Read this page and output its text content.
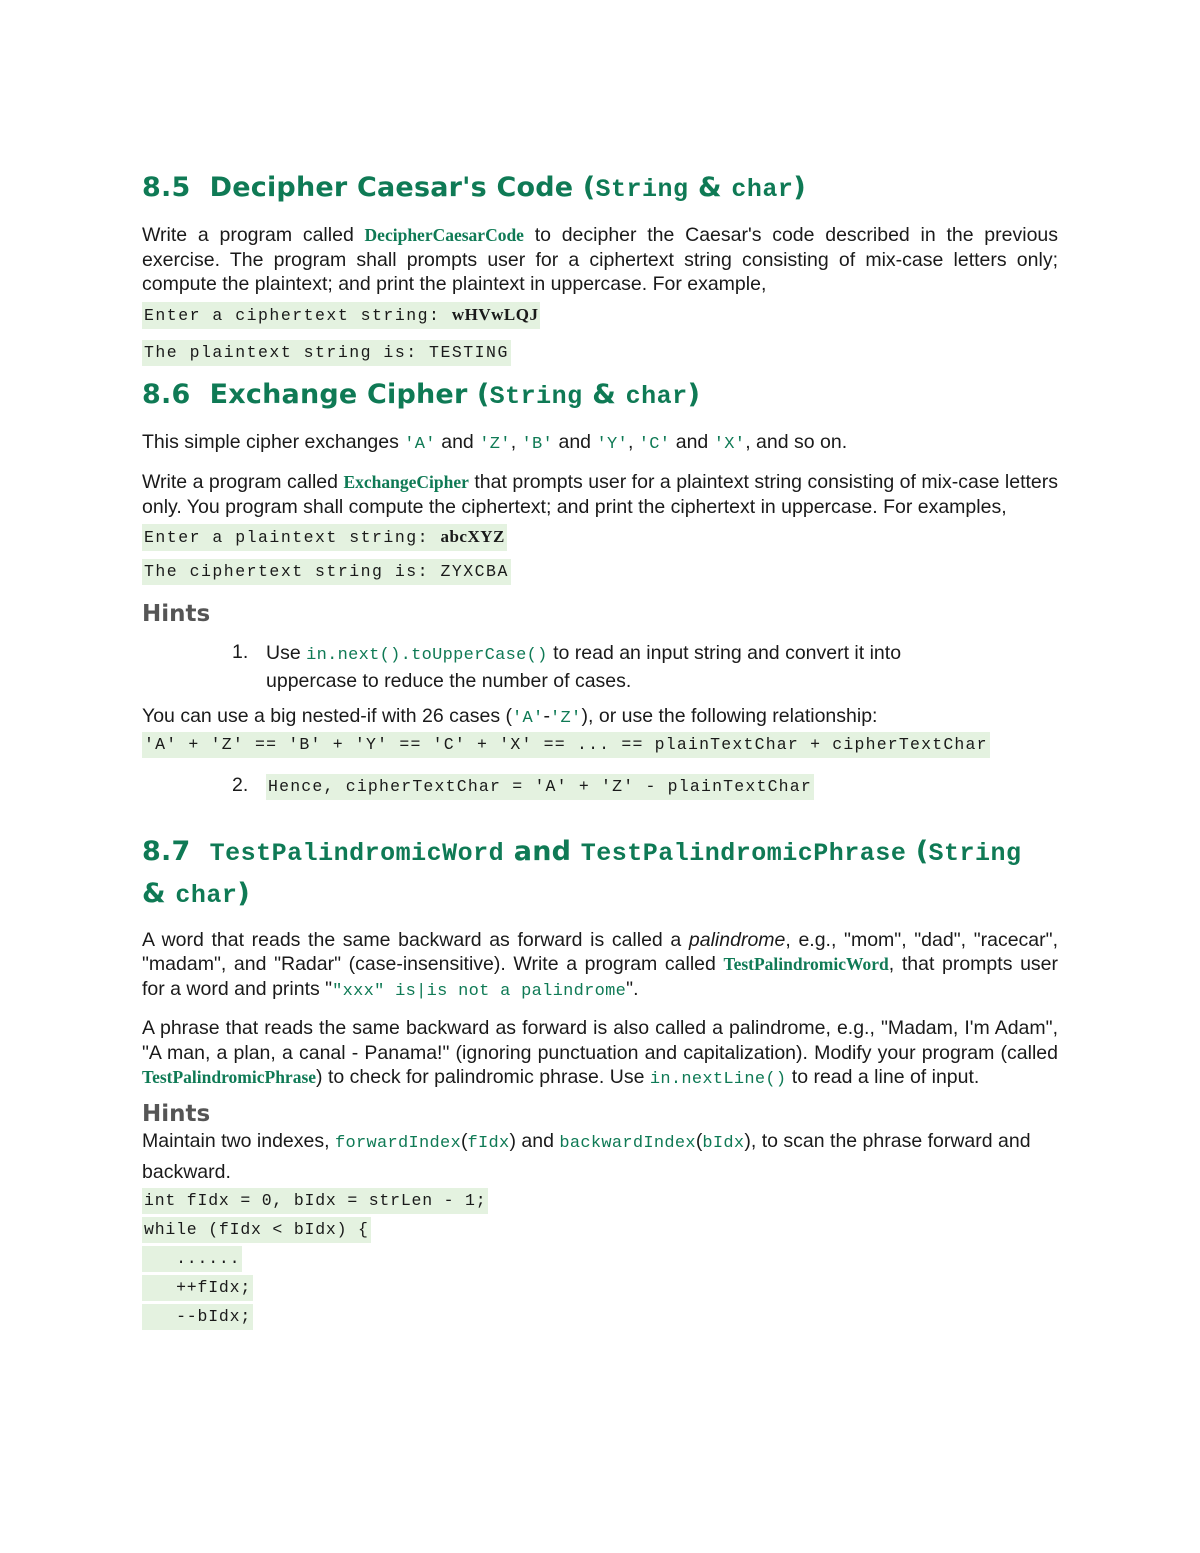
8.5 Decipher Caesar's Code (String & char)

Write a program called DecipherCaesarCode to decipher the Caesar's code described in the previous exercise. The program shall prompts user for a ciphertext string consisting of mix-case letters only; compute the plaintext; and print the plaintext in uppercase. For example,

Enter a ciphertext string: wHVwLQJ
The plaintext string is: TESTING
8.6 Exchange Cipher (String & char)

This simple cipher exchanges 'A' and 'Z', 'B' and 'Y', 'C' and 'X', and so on.

Write a program called ExchangeCipher that prompts user for a plaintext string consisting of mix-case letters only. You program shall compute the ciphertext; and print the ciphertext in uppercase. For examples,

Enter a plaintext string: abcXYZ
The ciphertext string is: ZYXCBA
Hints
1. Use in.next().toUpperCase() to read an input string and convert it into uppercase to reduce the number of cases.

You can use a big nested-if with 26 cases ('A'-'Z'), or use the following relationship:

'A' + 'Z' == 'B' + 'Y' == 'C' + 'X' == ... == plainTextChar + cipherTextChar
2. Hence, cipherTextChar = 'A' + 'Z' - plainTextChar
8.7 TestPalindromicWord and TestPalindromicPhrase (String
& char)

A word that reads the same backward as forward is called a palindrome, e.g., "mom", "dad", "racecar", "madam", and "Radar" (case-insensitive). Write a program called TestPalindromicWord, that prompts user for a word and prints ""xxx" is|is not a palindrome".

A phrase that reads the same backward as forward is also called a palindrome, e.g., "Madam, I'm Adam", "A man, a plan, a canal - Panama!" (ignoring punctuation and capitalization). Modify your program (called TestPalindromicPhrase) to check for palindromic phrase. Use in.nextLine() to read a line of input.

Hints

Maintain two indexes, forwardIndex(fIdx) and backwardIndex(bIdx), to scan the phrase forward and backward.

int fIdx = 0, bIdx = strLen - 1;
while (fIdx < bIdx) {
......
++fIdx;
--bIdx;
